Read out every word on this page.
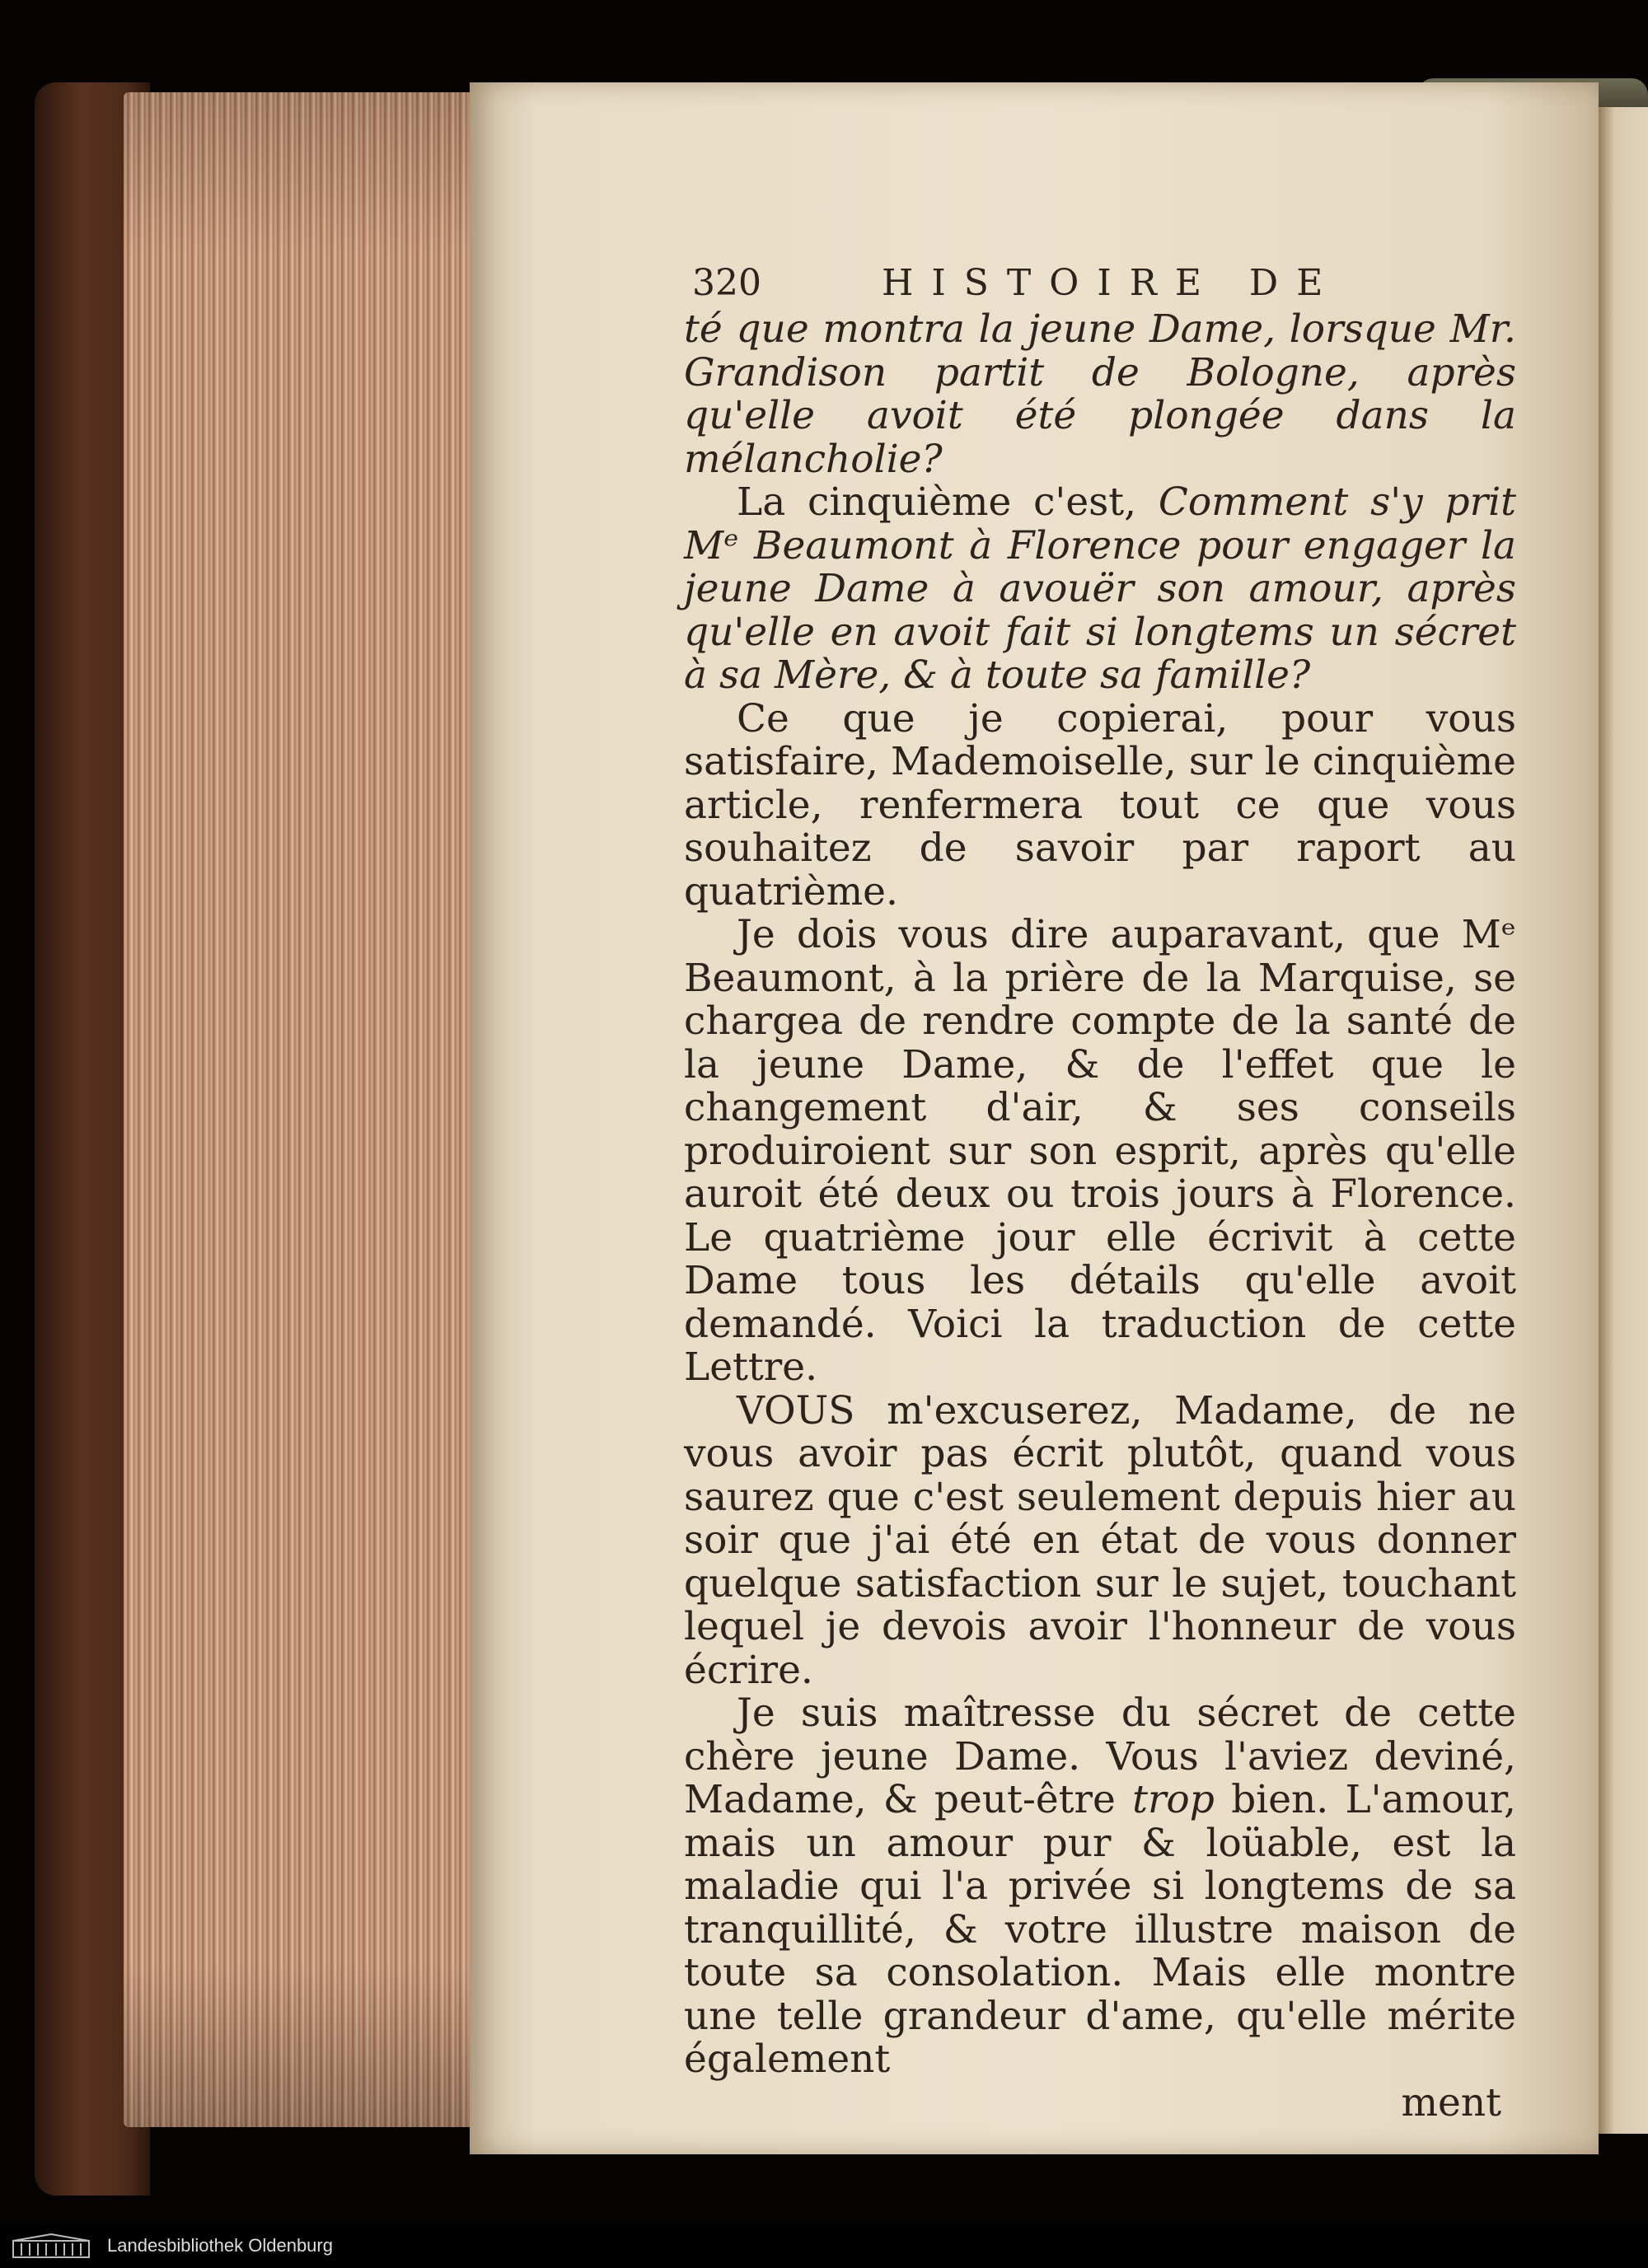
320	HISTOIRE DE

té que montra la jeune Dame, lorsque Mr. Grandison partit de Bologne, après qu'elle avoit été plongée dans la mélancholie?

La cinquième c'est, Comment s'y prit Mᵉ Beaumont à Florence pour engager la jeune Dame à avouër son amour, après qu'elle en avoit fait si longtems un sécret à sa Mère, & à toute sa famille?

Ce que je copierai, pour vous satisfaire, Mademoiselle, sur le cinquième article, renfermera tout ce que vous souhaitez de savoir par raport au quatrième.

Je dois vous dire auparavant, que Mᵉ Beaumont, à la prière de la Marquise, se chargea de rendre compte de la santé de la jeune Dame, & de l'effet que le changement d'air, & ses conseils produiroient sur son esprit, après qu'elle auroit été deux ou trois jours à Florence. Le quatrième jour elle écrivit à cette Dame tous les détails qu'elle avoit demandé. Voici la traduction de cette Lettre.

VOUS m'excuserez, Madame, de ne vous avoir pas écrit plutôt, quand vous saurez que c'est seulement depuis hier au soir que j'ai été en état de vous donner quelque satisfaction sur le sujet, touchant lequel je devois avoir l'honneur de vous écrire.

Je suis maîtresse du sécret de cette chère jeune Dame. Vous l'aviez deviné, Madame, & peut-être trop bien. L'amour, mais un amour pur & loüable, est la maladie qui l'a privée si longtems de sa tranquillité, & votre illustre maison de toute sa consolation. Mais elle montre une telle grandeur d'ame, qu'elle mérite également

ment
Landesbibliothek Oldenburg
